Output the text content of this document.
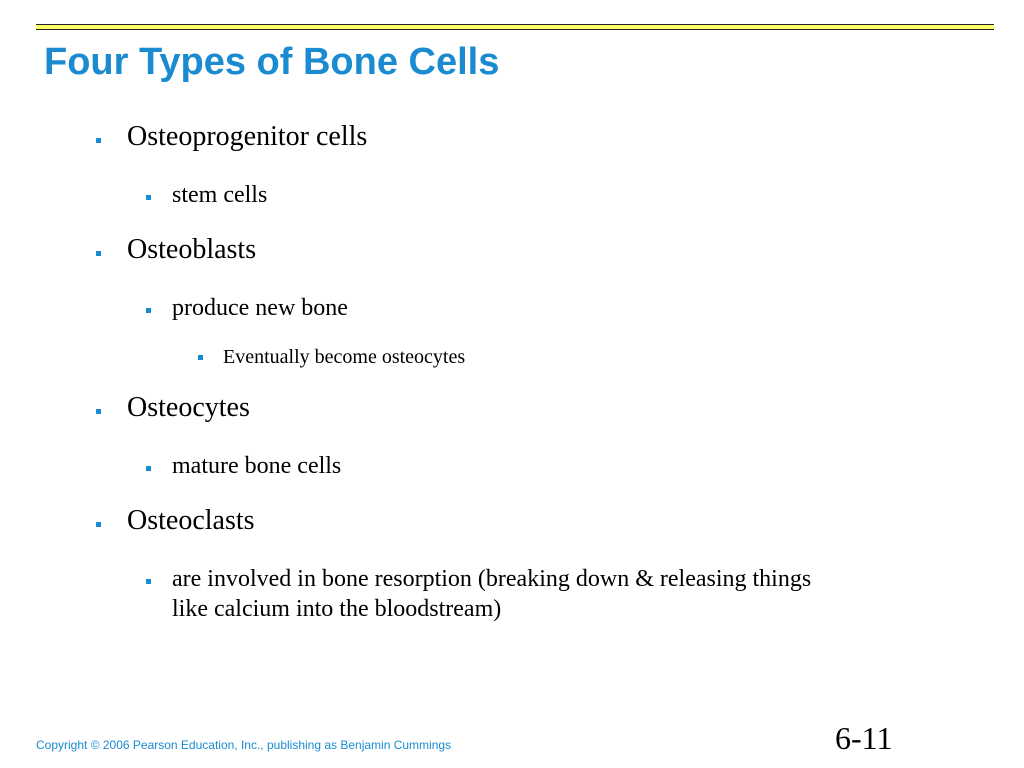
Four Types of Bone Cells
Osteoprogenitor cells
stem cells
Osteoblasts
produce new bone
Eventually become osteocytes
Osteocytes
mature bone cells
Osteoclasts
are involved in bone resorption (breaking down & releasing things
like calcium into the bloodstream)
Copyright © 2006 Pearson Education, Inc., publishing as Benjamin Cummings	6-11
